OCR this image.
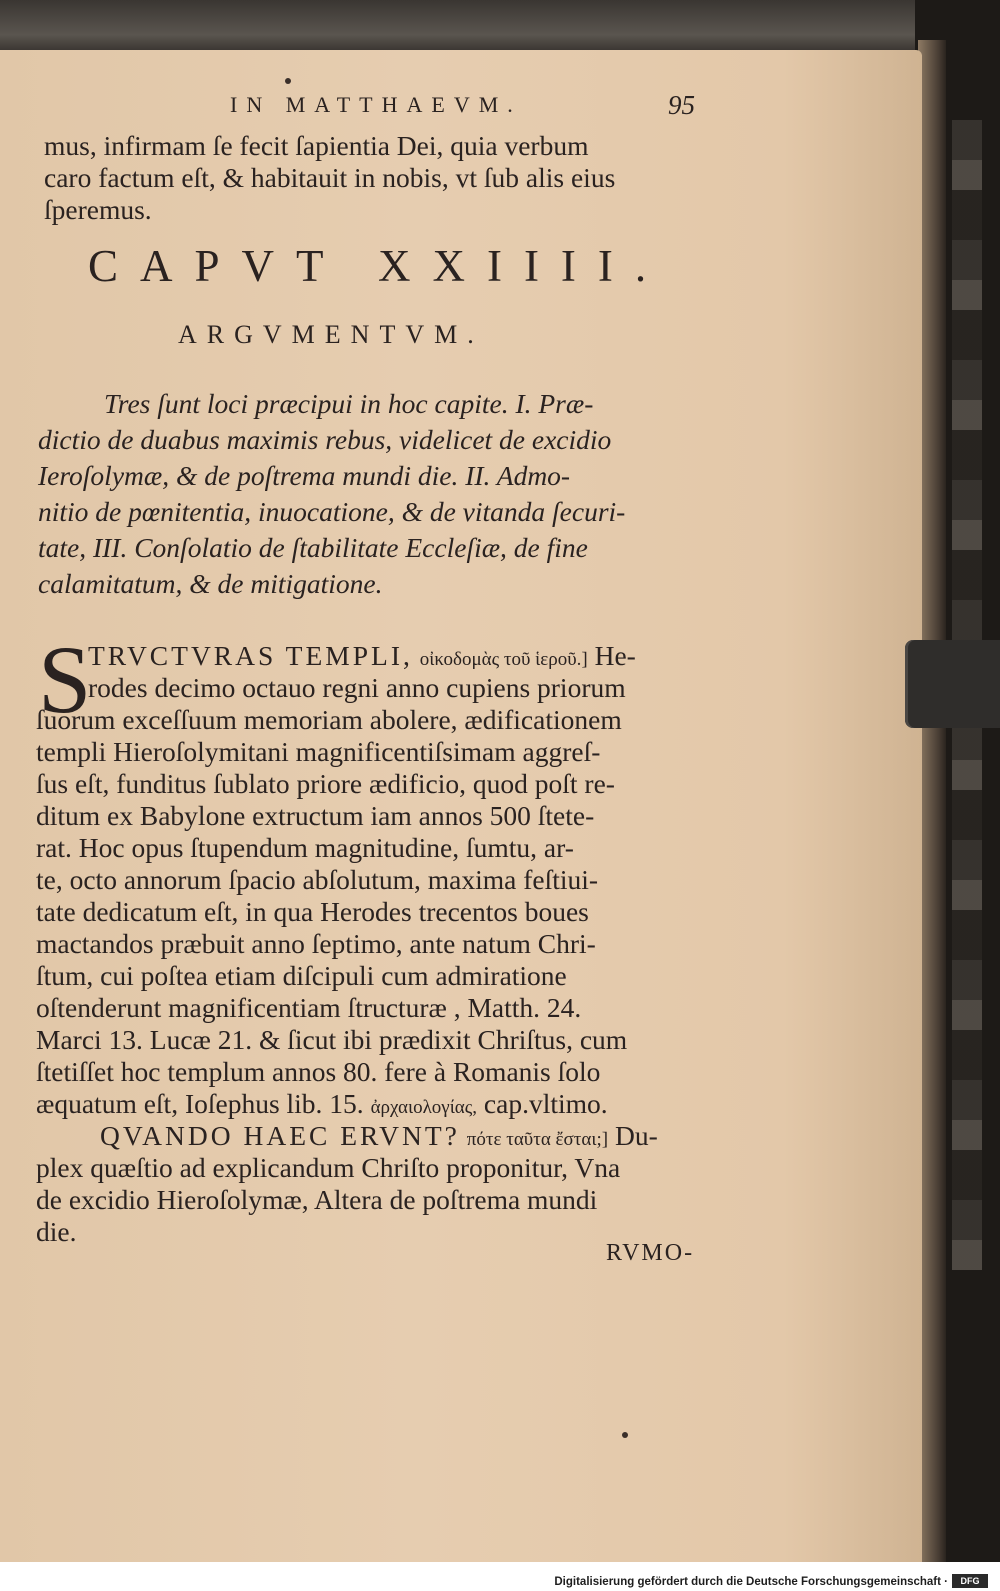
IN MATTHAEVM.	95
mus, infirmam ſe fecit ſapientia Dei, quia verbum
caro factum eſt, & habitauit in nobis, vt ſub alis eius
ſperemus.
CAPVT XXIIII.
ARGVMENTVM.
Tres ſunt loci præcipui in hoc capite. I. Præ-
dictio de duabus maximis rebus, videlicet de excidio
Ieroſolymæ, & de poſtrema mundi die. II. Admo-
nitio de pœnitentia, inuocatione, & de vitanda ſecuri-
tate, III. Conſolatio de ſtabilitate Eccleſiæ, de fine
calamitatum, & de mitigatione.
S
TRVCTVRAS TEMPLI, οἰκοδομὰς τοῦ ἱεροῦ.] He-
rodes decimo octauo regni anno cupiens priorum
ſuorum exceſſuum memoriam abolere, ædificationem
templi Hieroſolymitani magnificentiſsimam aggreſ-
ſus eſt, funditus ſublato priore ædificio, quod poſt re-
ditum ex Babylone extructum iam annos 500 ſtete-
rat. Hoc opus ſtupendum magnitudine, ſumtu, ar-
te, octo annorum ſpacio abſolutum, maxima feſtiui-
tate dedicatum eſt, in qua Herodes trecentos boues
mactandos præbuit anno ſeptimo, ante natum Chri-
ſtum, cui poſtea etiam diſcipuli cum admiratione
oſtenderunt magnificentiam ſtructuræ , Matth. 24.
Marci 13. Lucæ 21. & ſicut ibi prædixit Chriſtus, cum
ſtetiſſet hoc templum annos 80. fere à Romanis ſolo
æquatum eſt, Ioſephus lib. 15. ἀρχαιολογίας, cap.vltimo.
QVANDO HAEC ERVNT? πότε ταῦτα ἔσται;] Du-
plex quæſtio ad explicandum Chriſto proponitur, Vna
de excidio Hieroſolymæ, Altera de poſtrema mundi
die.
RVMO-
Digitalisierung gefördert durch die Deutsche Forschungsgemeinschaft ·	DFG
